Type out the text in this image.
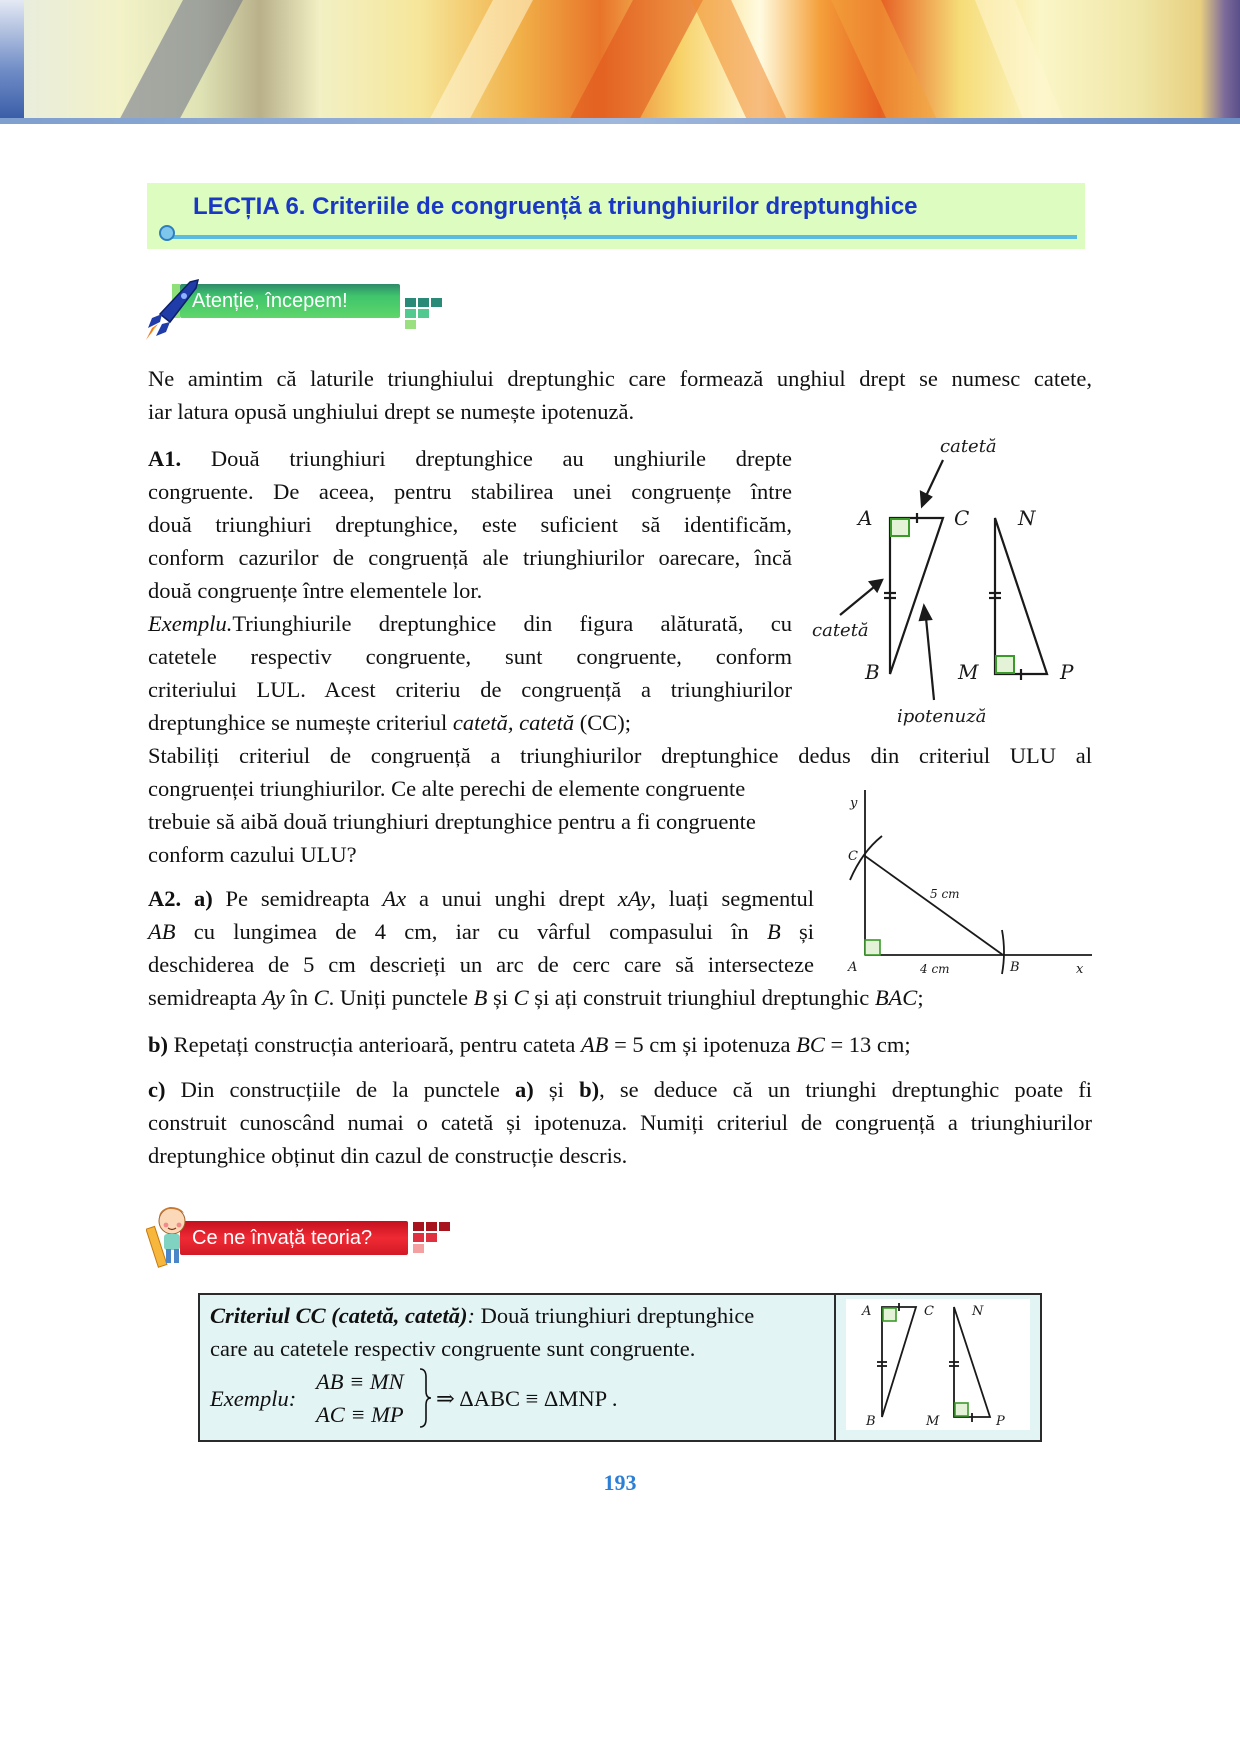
LECȚIA 6. Criteriile de congruență a triunghiurilor dreptunghice
Atenție, începem!
Ne amintim că laturile triunghiului dreptunghic care formează unghiul drept se numesc catete,
iar latura opusă unghiului drept se numește ipotenuză.
A1. Două triunghiuri dreptunghice au unghiurile drepte
congruente. De aceea, pentru stabilirea unei congruențe între
două triunghiuri dreptunghice, este suficient să identificăm,
conform cazurilor de congruență ale triunghiurilor oarecare, încă
două congruențe între elementele lor.
Exemplu.Triunghiurile dreptunghice din figura alăturată, cu
catetele respectiv congruente, sunt congruente, conform
criteriului LUL. Acest criteriu de congruență a triunghiurilor
dreptunghice se numește criteriul catetă, catetă (CC);
Stabiliți criteriul de congruență a triunghiurilor dreptunghice dedus din criteriul ULU al
congruenței triunghiurilor. Ce alte perechi de elemente congruente
trebuie să aibă două triunghiuri dreptunghice pentru a fi congruente
conform cazului ULU?
catetă
catetă
ipotenuză
A	C
B
N
M	P
A2. a) Pe semidreapta Ax a unui unghi drept xAy, luați segmentul
AB cu lungimea de 4 cm, iar cu vârful compasului în B și
deschiderea de 5 cm descrieți un arc de cerc care să intersecteze
semidreapta Ay în C. Uniți punctele B și C și ați construit triunghiul dreptunghic BAC;
b) Repetați construcția anterioară, pentru cateta AB = 5 cm și ipotenuza BC = 13 cm;
c) Din construcțiile de la punctele a) și b), se deduce că un triunghi dreptunghic poate fi
construit cunoscând numai o catetă și ipotenuza. Numiți criteriul de congruență a triunghiurilor
dreptunghice obținut din cazul de construcție descris.
y
C
A	B	x
5 cm
4 cm
Ce ne învață teoria?
Criteriul CC (catetă, catetă): Două triunghiuri dreptunghice
care au catetele respectiv congruente sunt congruente.
Exemplu:
AB ≡ MN
AC ≡ MP
⇒ ΔABC ≡ ΔMNP .
A	C
B
N
M	P
193
